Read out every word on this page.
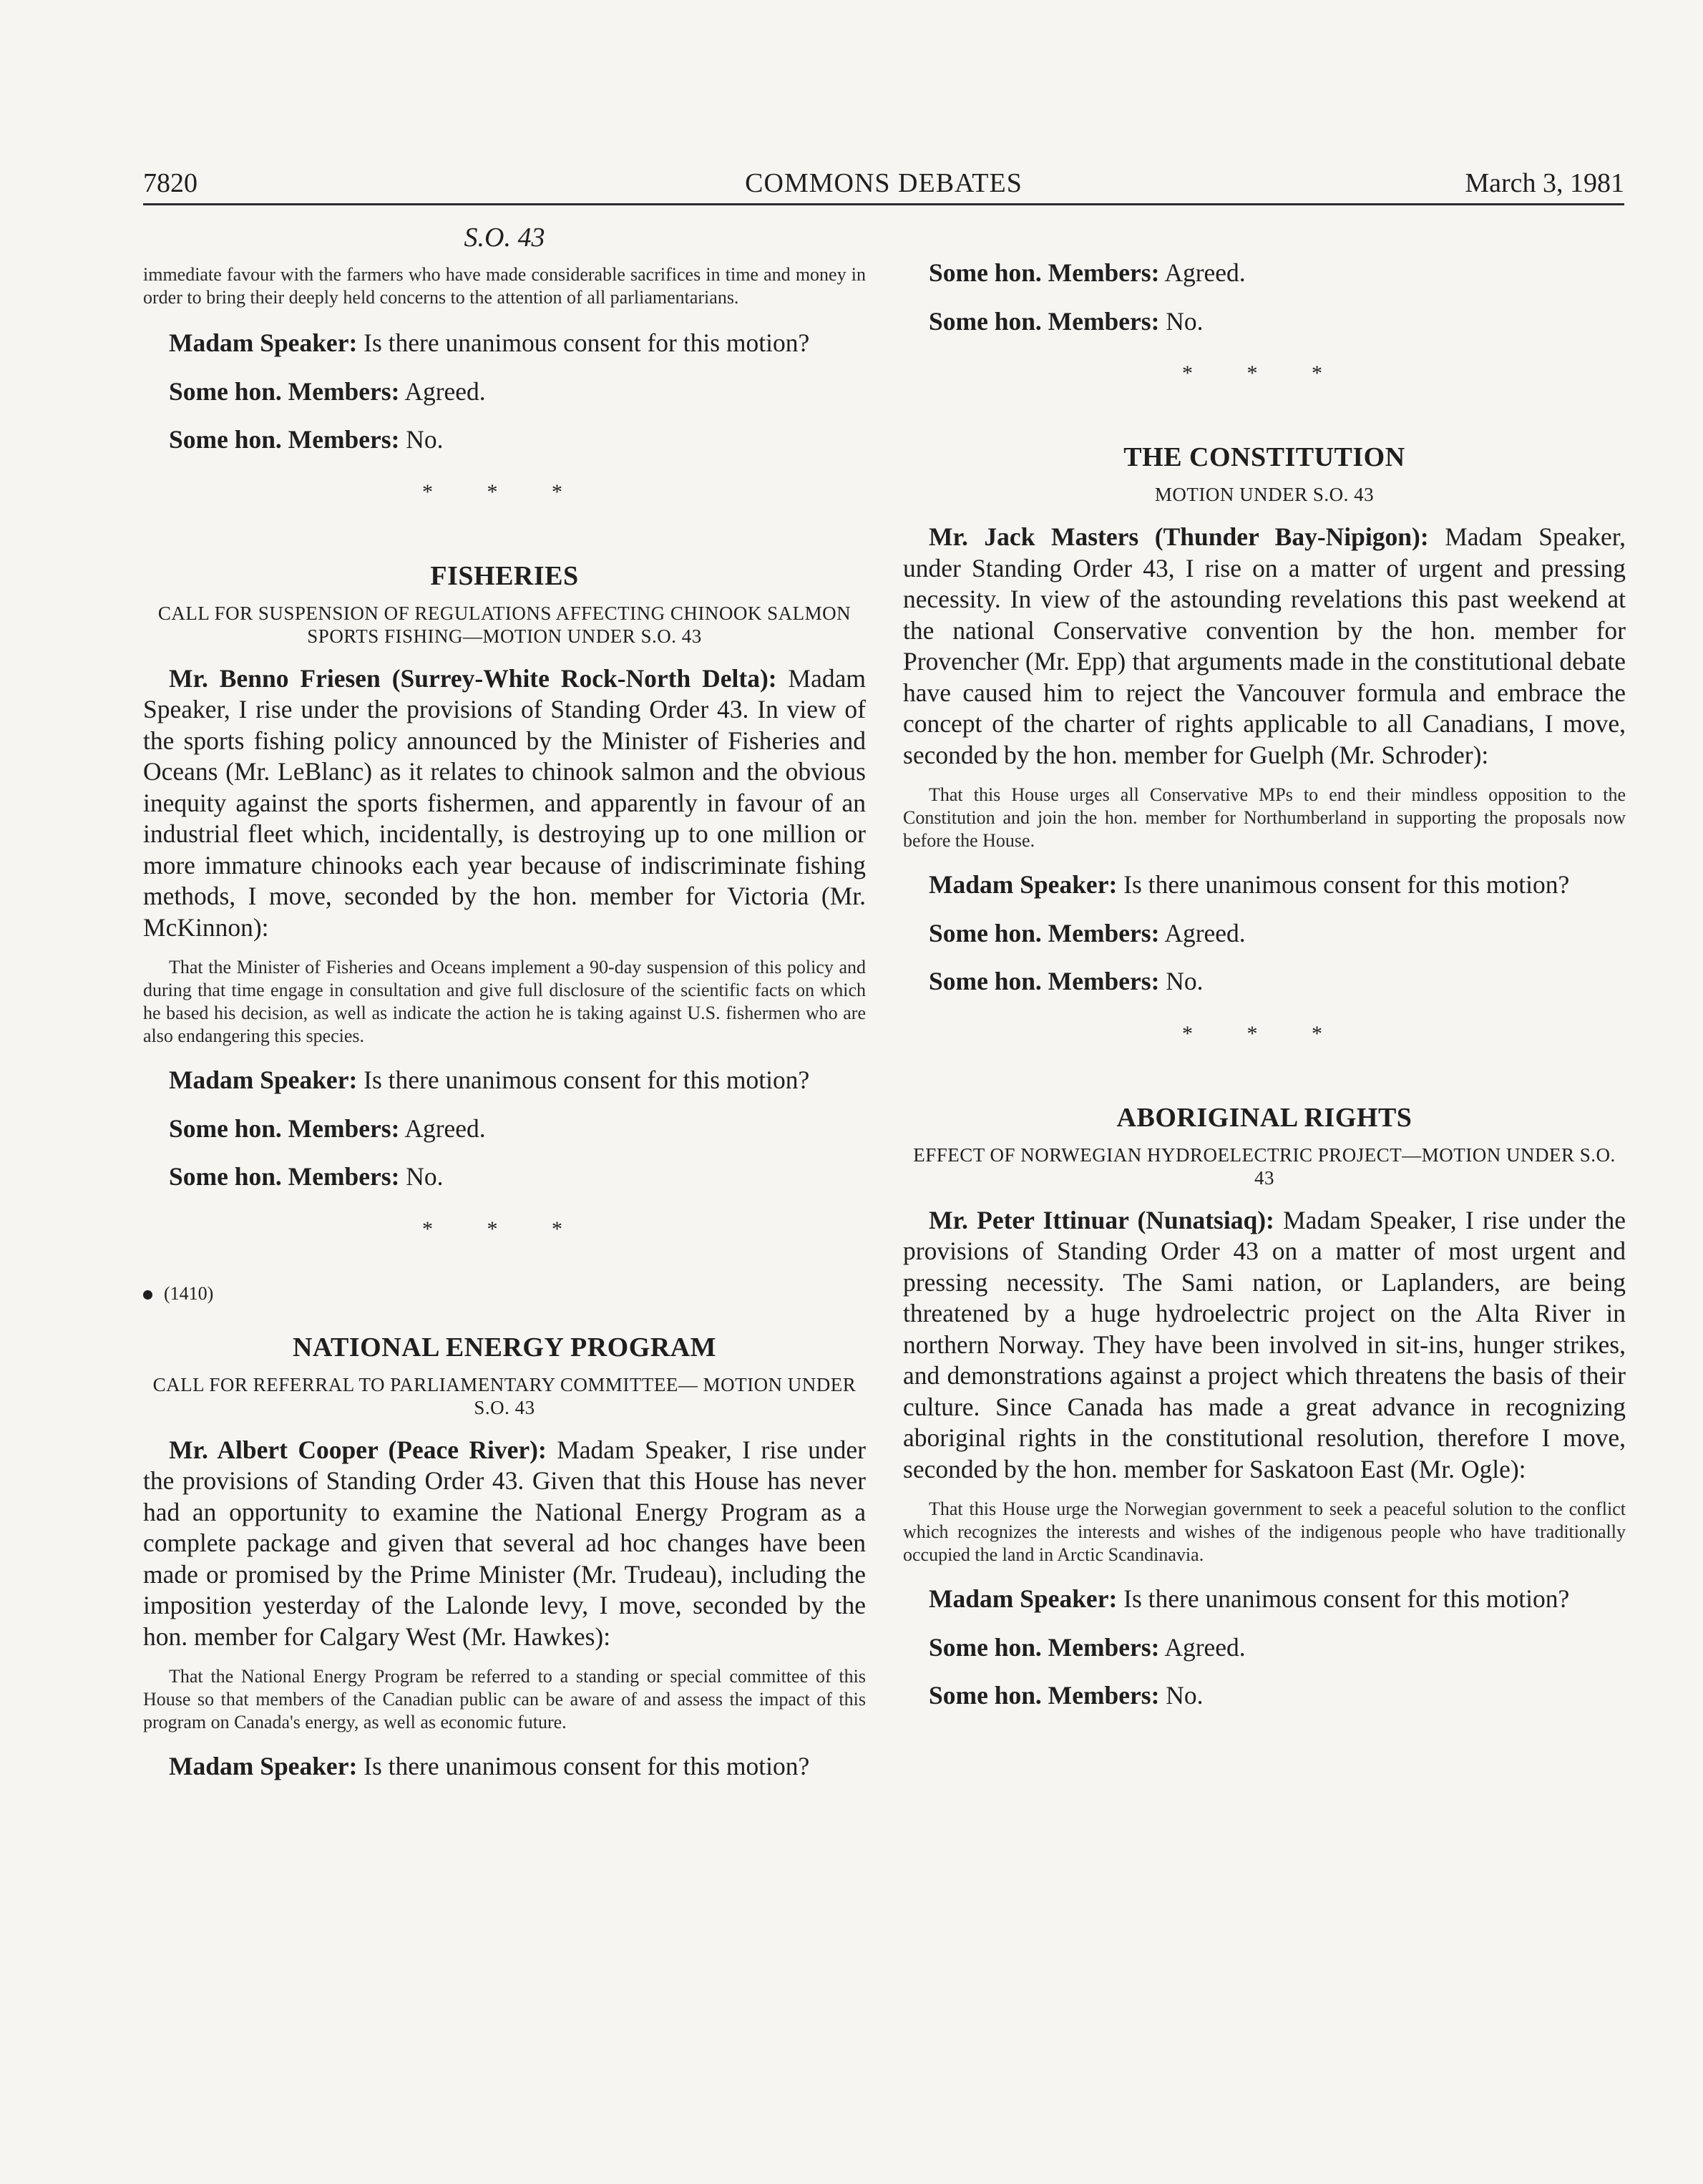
7820	COMMONS DEBATES	March 3, 1981

S.O. 43

immediate favour with the farmers who have made considerable sacrifices in time and money in order to bring their deeply held concerns to the attention of all parliamentarians.

Madam Speaker: Is there unanimous consent for this motion?

Some hon. Members: Agreed.

Some hon. Members: No.

* * *

FISHERIES

CALL FOR SUSPENSION OF REGULATIONS AFFECTING CHINOOK SALMON SPORTS FISHING—MOTION UNDER S.O. 43

Mr. Benno Friesen (Surrey-White Rock-North Delta): Madam Speaker, I rise under the provisions of Standing Order 43. In view of the sports fishing policy announced by the Minister of Fisheries and Oceans (Mr. LeBlanc) as it relates to chinook salmon and the obvious inequity against the sports fishermen, and apparently in favour of an industrial fleet which, incidentally, is destroying up to one million or more immature chinooks each year because of indiscriminate fishing methods, I move, seconded by the hon. member for Victoria (Mr. McKinnon):

That the Minister of Fisheries and Oceans implement a 90-day suspension of this policy and during that time engage in consultation and give full disclosure of the scientific facts on which he based his decision, as well as indicate the action he is taking against U.S. fishermen who are also endangering this species.

Madam Speaker: Is there unanimous consent for this motion?

Some hon. Members: Agreed.

Some hon. Members: No.

* * *

(1410)

NATIONAL ENERGY PROGRAM

CALL FOR REFERRAL TO PARLIAMENTARY COMMITTEE— MOTION UNDER S.O. 43

Mr. Albert Cooper (Peace River): Madam Speaker, I rise under the provisions of Standing Order 43. Given that this House has never had an opportunity to examine the National Energy Program as a complete package and given that several ad hoc changes have been made or promised by the Prime Minister (Mr. Trudeau), including the imposition yesterday of the Lalonde levy, I move, seconded by the hon. member for Calgary West (Mr. Hawkes):

That the National Energy Program be referred to a standing or special committee of this House so that members of the Canadian public can be aware of and assess the impact of this program on Canada's energy, as well as economic future.

Madam Speaker: Is there unanimous consent for this motion?

Some hon. Members: Agreed.

Some hon. Members: No.

* * *

THE CONSTITUTION

MOTION UNDER S.O. 43

Mr. Jack Masters (Thunder Bay-Nipigon): Madam Speaker, under Standing Order 43, I rise on a matter of urgent and pressing necessity. In view of the astounding revelations this past weekend at the national Conservative convention by the hon. member for Provencher (Mr. Epp) that arguments made in the constitutional debate have caused him to reject the Vancouver formula and embrace the concept of the charter of rights applicable to all Canadians, I move, seconded by the hon. member for Guelph (Mr. Schroder):

That this House urges all Conservative MPs to end their mindless opposition to the Constitution and join the hon. member for Northumberland in supporting the proposals now before the House.

Madam Speaker: Is there unanimous consent for this motion?

Some hon. Members: Agreed.

Some hon. Members: No.

* * *

ABORIGINAL RIGHTS

EFFECT OF NORWEGIAN HYDROELECTRIC PROJECT—MOTION UNDER S.O. 43

Mr. Peter Ittinuar (Nunatsiaq): Madam Speaker, I rise under the provisions of Standing Order 43 on a matter of most urgent and pressing necessity. The Sami nation, or Laplanders, are being threatened by a huge hydroelectric project on the Alta River in northern Norway. They have been involved in sit-ins, hunger strikes, and demonstrations against a project which threatens the basis of their culture. Since Canada has made a great advance in recognizing aboriginal rights in the constitutional resolution, therefore I move, seconded by the hon. member for Saskatoon East (Mr. Ogle):

That this House urge the Norwegian government to seek a peaceful solution to the conflict which recognizes the interests and wishes of the indigenous people who have traditionally occupied the land in Arctic Scandinavia.

Madam Speaker: Is there unanimous consent for this motion?

Some hon. Members: Agreed.

Some hon. Members: No.
